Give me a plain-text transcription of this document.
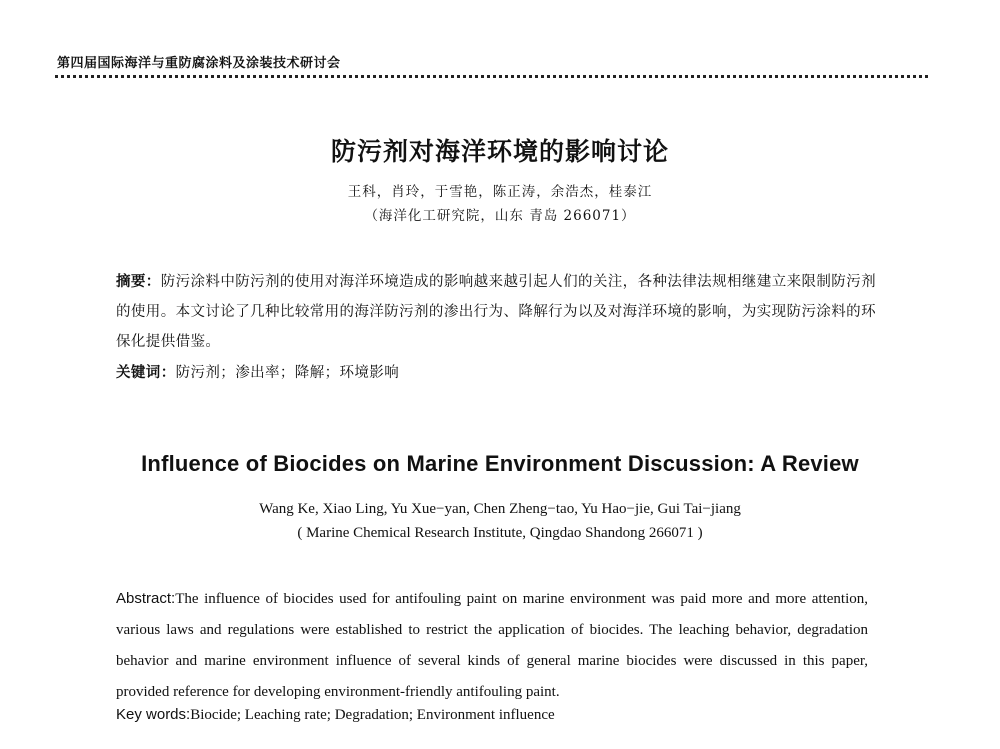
第四届国际海洋与重防腐涂料及涂装技术研讨会
防污剂对海洋环境的影响讨论
王科，肖玲，于雪艳，陈正涛，余浩杰，桂泰江
（海洋化工研究院，山东 青岛 266071）
摘要：防污涂料中防污剂的使用对海洋环境造成的影响越来越引起人们的关注，各种法律法规相继建立来限制防污剂的使用。本文讨论了几种比较常用的海洋防污剂的渗出行为、降解行为以及对海洋环境的影响，为实现防污涂料的环保化提供借鉴。
关键词：防污剂；渗出率；降解；环境影响
Influence of Biocides on Marine Environment Discussion: A Review
Wang Ke, Xiao Ling, Yu Xue−yan, Chen Zheng−tao, Yu Hao−jie, Gui Tai−jiang
( Marine Chemical Research Institute, Qingdao Shandong 266071 )
Abstract:The influence of biocides used for antifouling paint on marine environment was paid more and more attention, various laws and regulations were established to restrict the application of biocides. The leaching behavior, degradation behavior and marine environment influence of several kinds of general marine biocides were discussed in this paper, provided reference for developing environment-friendly antifouling paint.
Key words:Biocide; Leaching rate; Degradation; Environment influence
